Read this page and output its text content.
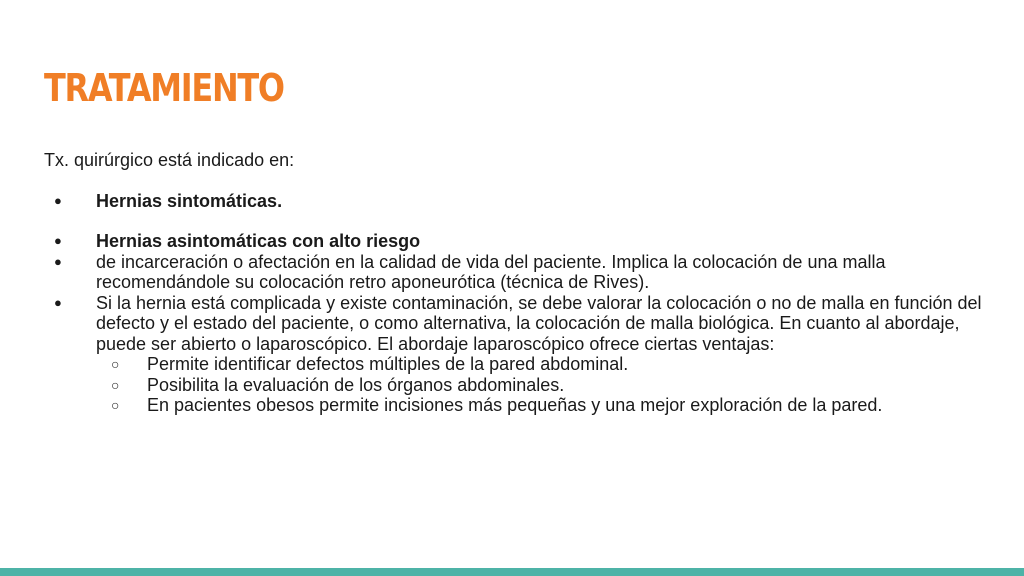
TRATAMIENTO

Tx. quirúrgico está indicado en:

● Hernias sintomáticas.
● Hernias asintomáticas con alto riesgo
● de incarceración o afectación en la calidad de vida del paciente. Implica la colocación de una malla recomendándole su colocación retro aponeurótica (técnica de Rives).
● Si la hernia está complicada y existe contaminación, se debe valorar la colocación o no de malla en función del defecto y el estado del paciente, o como alternativa, la colocación de malla biológica. En cuanto al abordaje, puede ser abierto o laparoscópico. El abordaje laparoscópico ofrece ciertas ventajas:
○ Permite identificar defectos múltiples de la pared abdominal.
○ Posibilita la evaluación de los órganos abdominales.
○ En pacientes obesos permite incisiones más pequeñas y una mejor exploración de la pared.
